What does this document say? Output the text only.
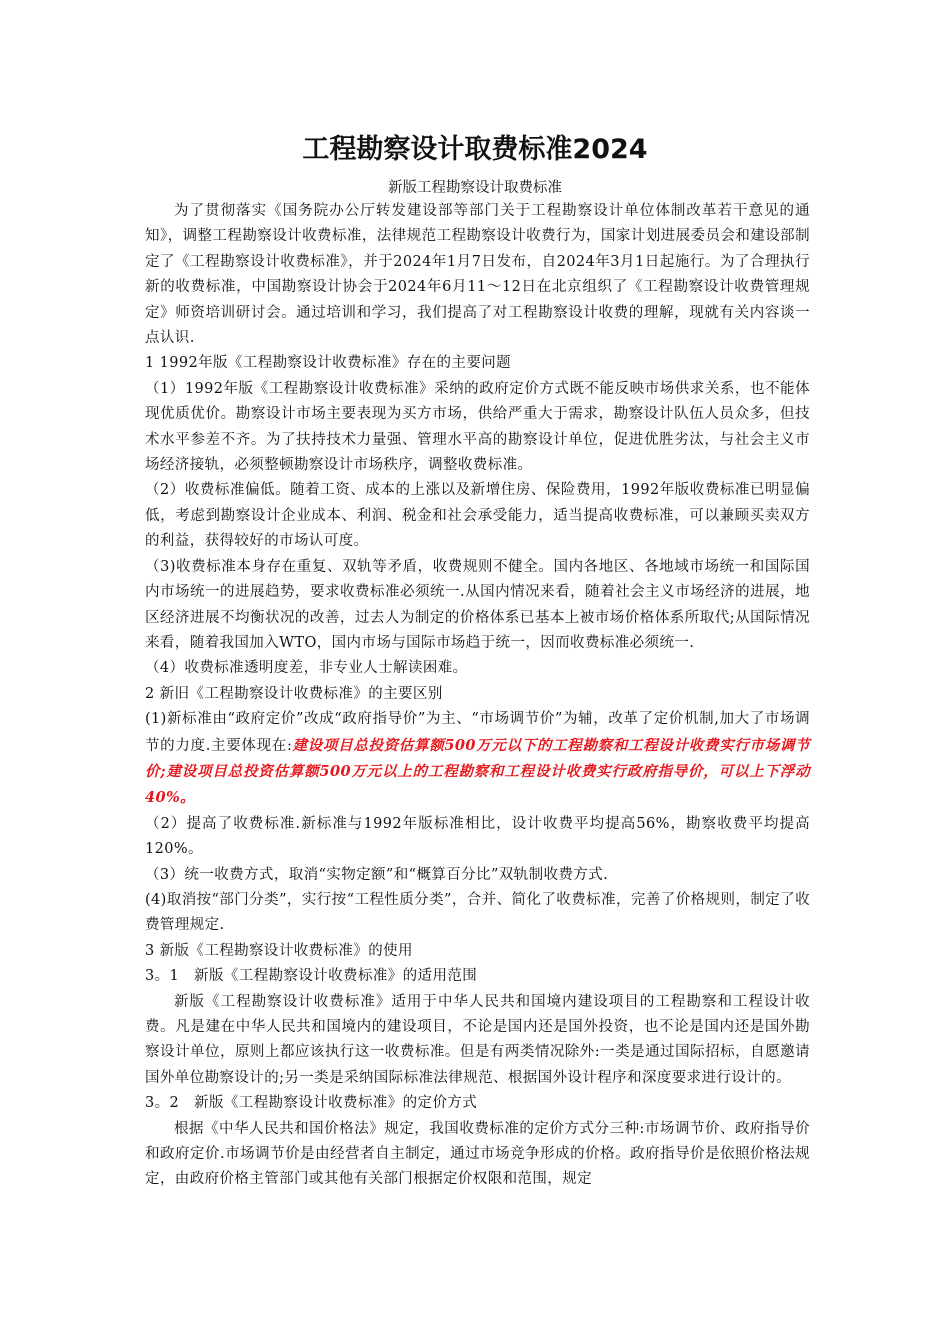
工程勘察设计取费标准2024
新版工程勘察设计取费标准

为了贯彻落实《国务院办公厅转发建设部等部门关于工程勘察设计单位体制改革若干意见的通知》，调整工程勘察设计收费标准，法律规范工程勘察设计收费行为，国家计划进展委员会和建设部制定了《工程勘察设计收费标准》，并于2024年1月7日发布，自2024年3月1日起施行。为了合理执行新的收费标准，中国勘察设计协会于2024年6月11～12日在北京组织了《工程勘察设计收费管理规定》师资培训研讨会。通过培训和学习，我们提高了对工程勘察设计收费的理解，现就有关内容谈一点认识.

1 1992年版《工程勘察设计收费标准》存在的主要问题

（1）1992年版《工程勘察设计收费标准》采纳的政府定价方式既不能反映市场供求关系，也不能体现优质优价。勘察设计市场主要表现为买方市场，供给严重大于需求，勘察设计队伍人员众多，但技术水平参差不齐。为了扶持技术力量强、管理水平高的勘察设计单位，促进优胜劣汰，与社会主义市场经济接轨，必须整顿勘察设计市场秩序，调整收费标准。

（2）收费标准偏低。随着工资、成本的上涨以及新增住房、保险费用，1992年版收费标准已明显偏低，考虑到勘察设计企业成本、利润、税金和社会承受能力，适当提高收费标准，可以兼顾买卖双方的利益，获得较好的市场认可度。

（3)收费标准本身存在重复、双轨等矛盾，收费规则不健全。国内各地区、各地域市场统一和国际国内市场统一的进展趋势，要求收费标准必须统一.从国内情况来看，随着社会主义市场经济的进展，地区经济进展不均衡状况的改善，过去人为制定的价格体系已基本上被市场价格体系所取代;从国际情况来看，随着我国加入WTO，国内市场与国际市场趋于统一，因而收费标准必须统一.

（4）收费标准透明度差，非专业人士解读困难。

2 新旧《工程勘察设计收费标准》的主要区别

(1)新标准由“政府定价”改成“政府指导价”为主、“市场调节价”为辅，改革了定价机制,加大了市场调节的力度.主要体现在:建设项目总投资估算额500万元以下的工程勘察和工程设计收费实行市场调节价;建设项目总投资估算额500万元以上的工程勘察和工程设计收费实行政府指导价，可以上下浮动40%。

（2）提高了收费标准.新标准与1992年版标准相比，设计收费平均提高56%，勘察收费平均提高120%。

（3）统一收费方式，取消“实物定额”和“概算百分比”双轨制收费方式.

(4)取消按“部门分类”，实行按“工程性质分类”，合并、简化了收费标准，完善了价格规则，制定了收费管理规定.

3 新版《工程勘察设计收费标准》的使用

3。1　新版《工程勘察设计收费标准》的适用范围

新版《工程勘察设计收费标准》适用于中华人民共和国境内建设项目的工程勘察和工程设计收费。凡是建在中华人民共和国境内的建设项目，不论是国内还是国外投资，也不论是国内还是国外勘察设计单位，原则上都应该执行这一收费标准。但是有两类情况除外:一类是通过国际招标，自愿邀请国外单位勘察设计的;另一类是采纳国际标准法律规范、根据国外设计程序和深度要求进行设计的。

3。2　新版《工程勘察设计收费标准》的定价方式

根据《中华人民共和国价格法》规定，我国收费标准的定价方式分三种:市场调节价、政府指导价和政府定价.市场调节价是由经营者自主制定，通过市场竞争形成的价格。政府指导价是依照价格法规定，由政府价格主管部门或其他有关部门根据定价权限和范围，规定
